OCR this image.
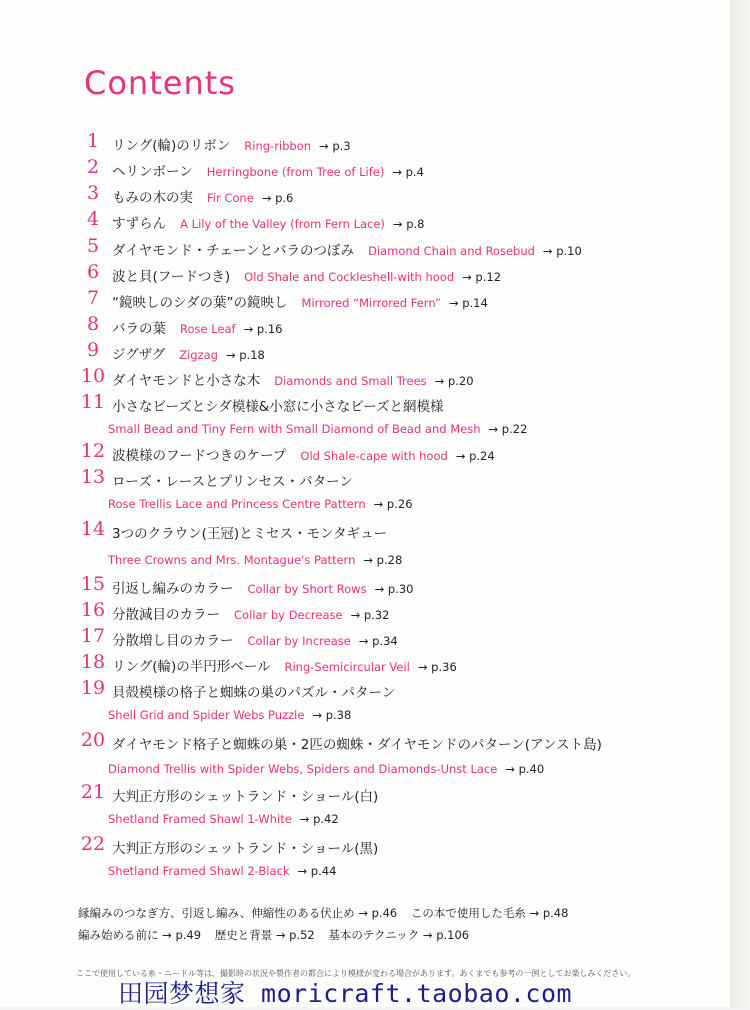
Contents
1 リング(輪)のリボン Ring-ribbon → p.3
2 ヘリンボーン Herringbone (from Tree of Life) → p.4
3 もみの木の実 Fir Cone → p.6
4 すずらん A Lily of the Valley (from Fern Lace) → p.8
5 ダイヤモンド・チェーンとバラのつぼみ Diamond Chain and Rosebud → p.10
6 波と貝(フードつき) Old Shale and Cockleshell-with hood → p.12
7 “鏡映しのシダの葉”の鏡映し Mirrored “Mirrored Fern” → p.14
8 バラの葉 Rose Leaf → p.16
9 ジグザグ Zigzag → p.18
10 ダイヤモンドと小さな木 Diamonds and Small Trees → p.20
11 小さなビーズとシダ模様&小窓に小さなビーズと網模様
Small Bead and Tiny Fern with Small Diamond of Bead and Mesh → p.22
12 波模様のフードつきのケープ Old Shale-cape with hood → p.24
13 ローズ・レースとプリンセス・パターン
Rose Trellis Lace and Princess Centre Pattern → p.26
14 3つのクラウン(王冠)とミセス・モンタギュー
Three Crowns and Mrs. Montague's Pattern → p.28
15 引返し編みのカラー Collar by Short Rows → p.30
16 分散減目のカラー Collar by Decrease → p.32
17 分散増し目のカラー Collar by Increase → p.34
18 リング(輪)の半円形ベール Ring-Semicircular Veil → p.36
19 貝殻模様の格子と蜘蛛の巣のパズル・パターン
Shell Grid and Spider Webs Puzzle → p.38
20 ダイヤモンド格子と蜘蛛の巣・2匹の蜘蛛・ダイヤモンドのパターン(アンスト島)
Diamond Trellis with Spider Webs, Spiders and Diamonds-Unst Lace → p.40
21 大判正方形のシェットランド・ショール(白)
Shetland Framed Shawl 1-White → p.42
22 大判正方形のシェットランド・ショール(黒)
Shetland Framed Shawl 2-Black → p.44
縁編みのつなぎ方、引返し編み、伸縮性のある伏止め → p.46 この本で使用した毛糸 → p.48
編み始める前に → p.49 歴史と背景 → p.52 基本のテクニック → p.106
ここで使用している糸・ニードル等は、撮影時の状況や製作者の都合により模様が変わる場合があります。あくまでも参考の一例としてお楽しみください。
田园梦想家 moricraft.taobao.com
